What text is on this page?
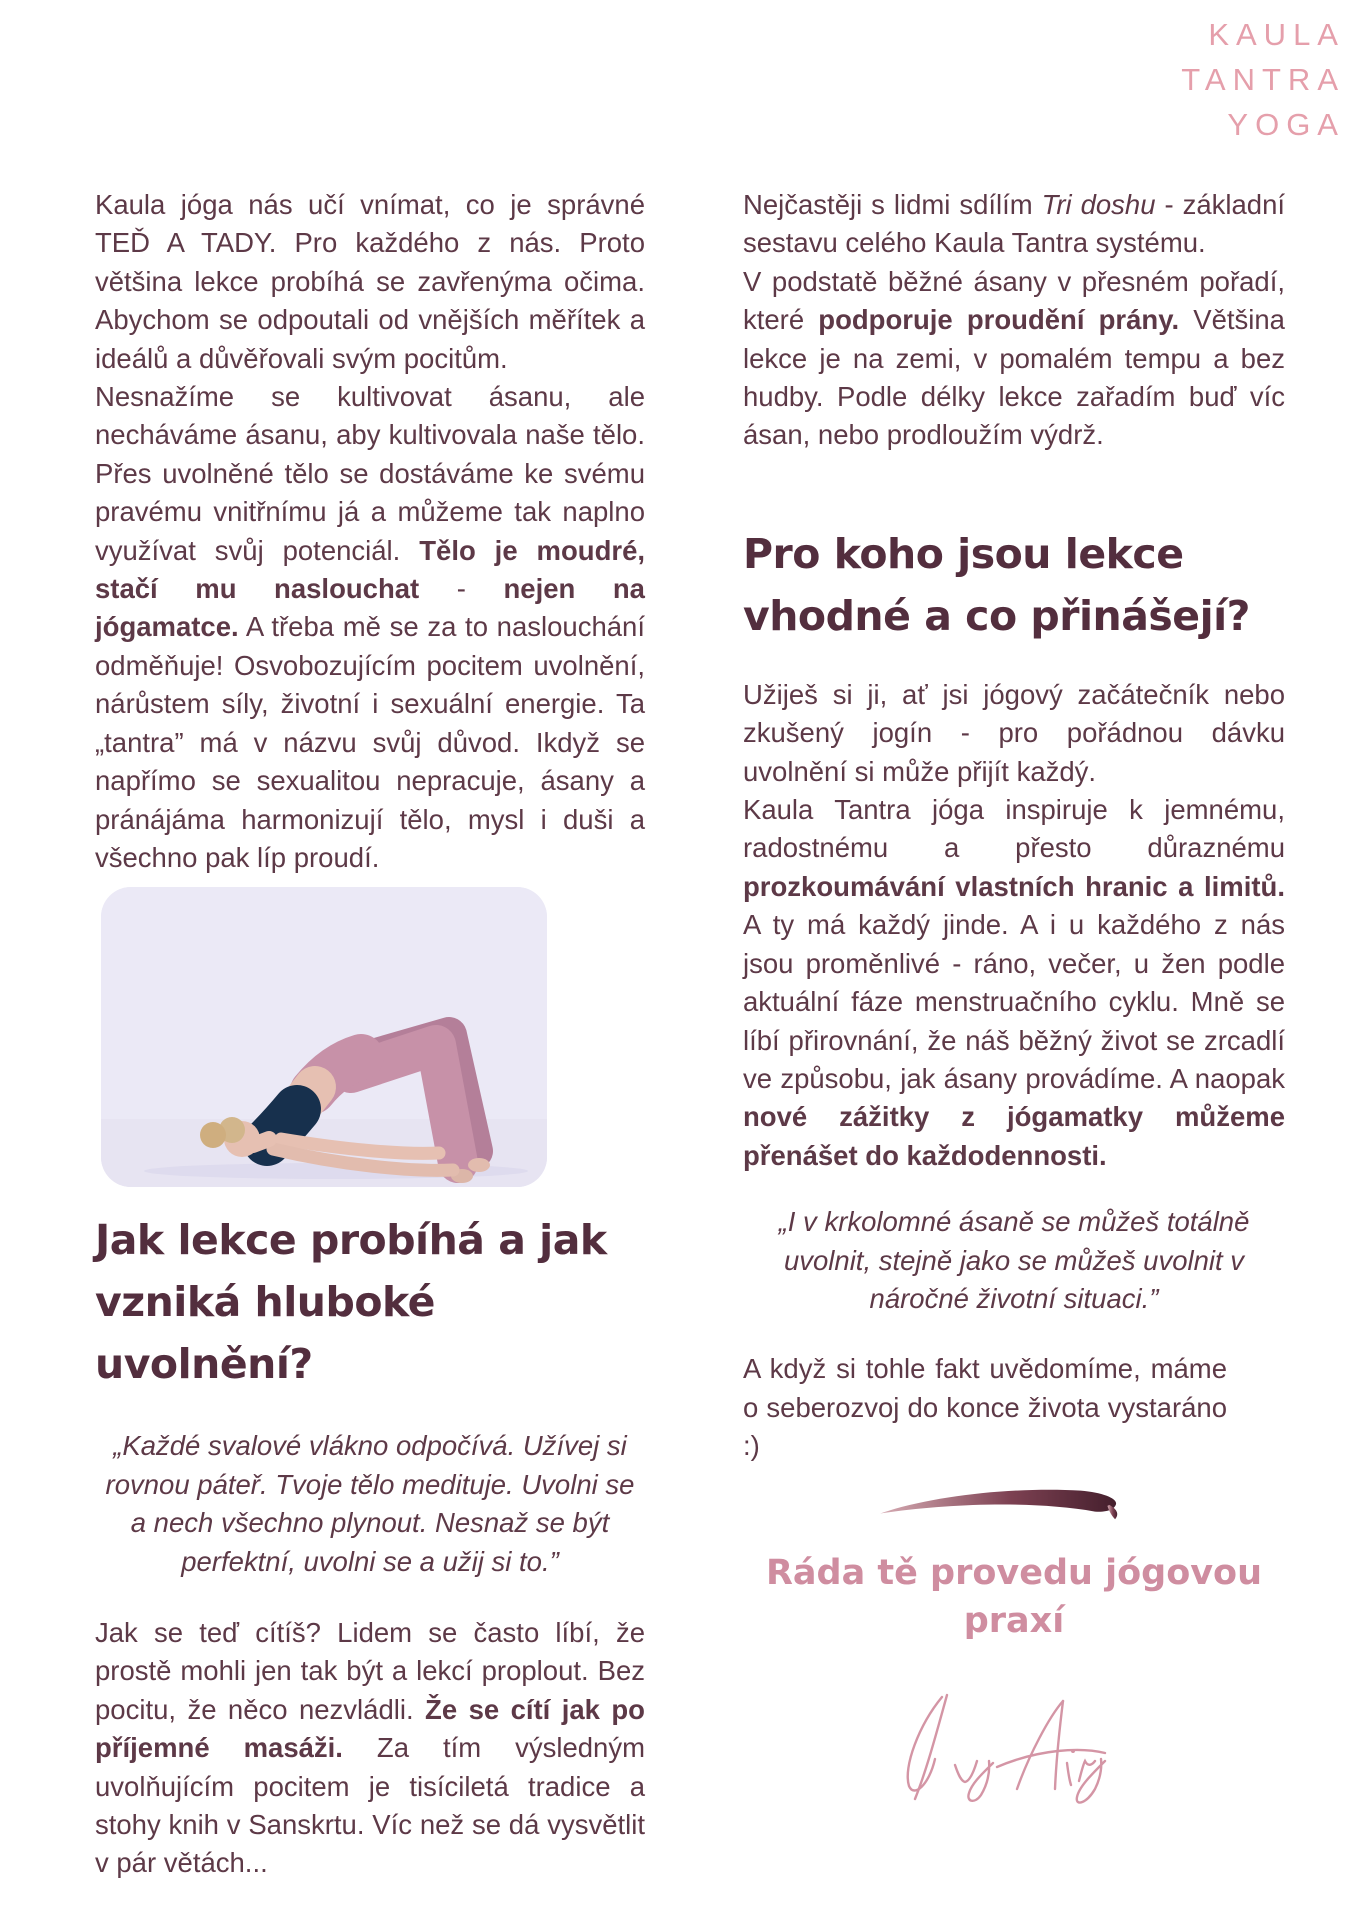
KAULA
TANTRA
YOGA

Kaula jóga nás učí vnímat, co je správné TEĎ A TADY. Pro každého z nás. Proto většina lekce probíhá se zavřenýma očima. Abychom se odpoutali od vnějších měřítek a ideálů a důvěřovali svým pocitům.

Nesnažíme se kultivovat ásanu, ale necháváme ásanu, aby kultivovala naše tělo. Přes uvolněné tělo se dostáváme ke svému pravému vnitřnímu já a můžeme tak naplno využívat svůj potenciál. Tělo je moudré, stačí mu naslouchat - nejen na jógamatce. A třeba mě se za to naslouchání odměňuje! Osvobozujícím pocitem uvolnění, nárůstem síly, životní i sexuální energie. Ta „tantra” má v názvu svůj důvod. Ikdyž se napřímo se sexualitou nepracuje, ásany a pránájáma harmonizují tělo, mysl i duši a všechno pak líp proudí.

Jak lekce probíhá a jak vzniká hluboké uvolnění?
„Každé svalové vlákno odpočívá. Užívej si rovnou páteř. Tvoje tělo medituje. Uvolni se a nech všechno plynout. Nesnaž se být perfektní, uvolni se a užij si to.”

Jak se teď cítíš? Lidem se často líbí, že prostě mohli jen tak být a lekcí proplout. Bez pocitu, že něco nezvládli. Že se cítí jak po příjemné masáži. Za tím výsledným uvolňujícím pocitem je tisíciletá tradice a stohy knih v Sanskrtu. Víc než se dá vysvětlit v pár větách...

Nejčastěji s lidmi sdílím Tri doshu - základní sestavu celého Kaula Tantra systému.

V podstatě běžné ásany v přesném pořadí, které podporuje proudění prány. Většina lekce je na zemi, v pomalém tempu a bez hudby. Podle délky lekce zařadím buď víc ásan, nebo prodloužím výdrž.

Pro koho jsou lekce vhodné a co přinášejí?

Užiješ si ji, ať jsi jógový začátečník nebo zkušený jogín - pro pořádnou dávku uvolnění si může přijít každý.

Kaula Tantra jóga inspiruje k jemnému, radostnému a přesto důraznému prozkoumávání vlastních hranic a limitů. A ty má každý jinde. A i u každého z nás jsou proměnlivé - ráno, večer, u žen podle aktuální fáze menstruačního cyklu. Mně se líbí přirovnání, že náš běžný život se zrcadlí ve způsobu, jak ásany provádíme. A naopak nové zážitky z jógamatky můžeme přenášet do každodennosti.

„I v krkolomné ásaně se můžeš totálně uvolnit, stejně jako se můžeš uvolnit v náročné životní situaci.”

A když si tohle fakt uvědomíme, máme o seberozvoj do konce života vystaráno :)

Ráda tě provedu jógovou praxí
